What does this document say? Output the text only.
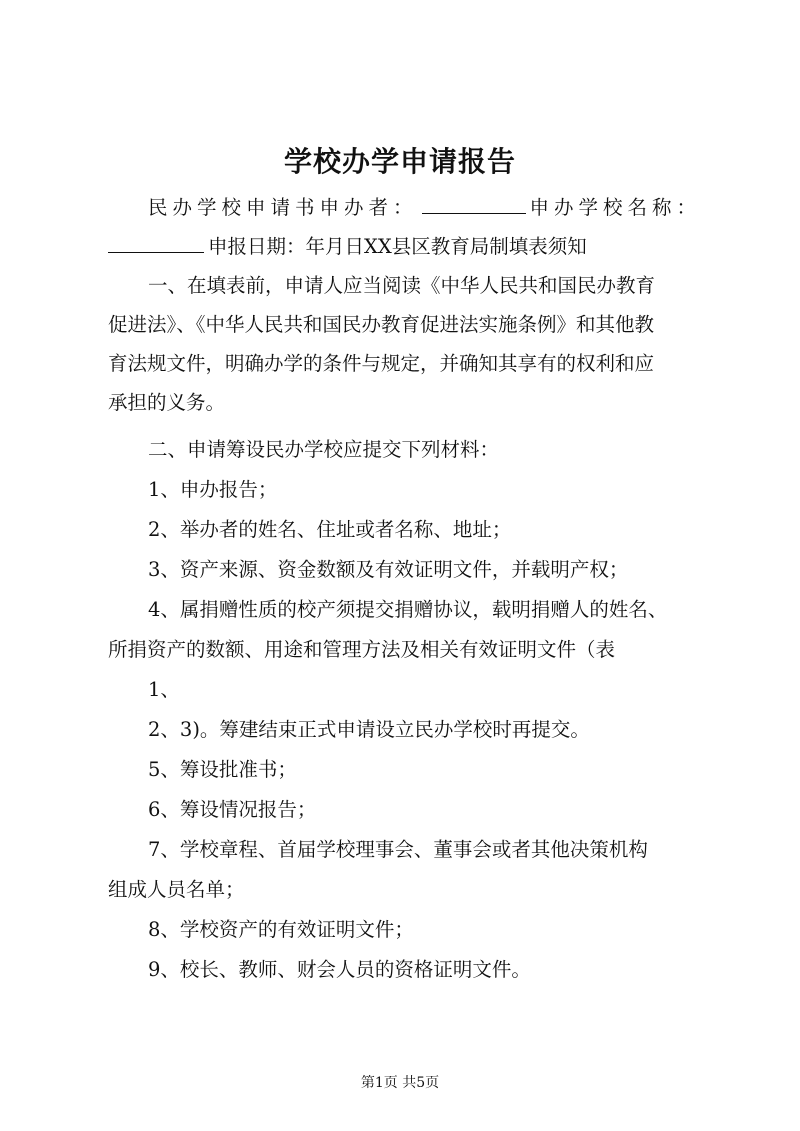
学校办学申请报告
民办学校申请书申办者：	申办学校名称：
申报日期：年月日XX县区教育局制填表须知
一、在填表前，申请人应当阅读《中华人民共和国民办教育
促进法》、《中华人民共和国民办教育促进法实施条例》和其他教
育法规文件，明确办学的条件与规定，并确知其享有的权利和应
承担的义务。
二、申请筹设民办学校应提交下列材料：
1、申办报告；
2、举办者的姓名、住址或者名称、地址；
3、资产来源、资金数额及有效证明文件，并载明产权；
4、属捐赠性质的校产须提交捐赠协议，载明捐赠人的姓名、
所捐资产的数额、用途和管理方法及相关有效证明文件（表
1、
2、3)。筹建结束正式申请设立民办学校时再提交。
5、筹设批准书；
6、筹设情况报告；
7、学校章程、首届学校理事会、董事会或者其他决策机构
组成人员名单；
8、学校资产的有效证明文件；
9、校长、教师、财会人员的资格证明文件。
第1页 共5页
